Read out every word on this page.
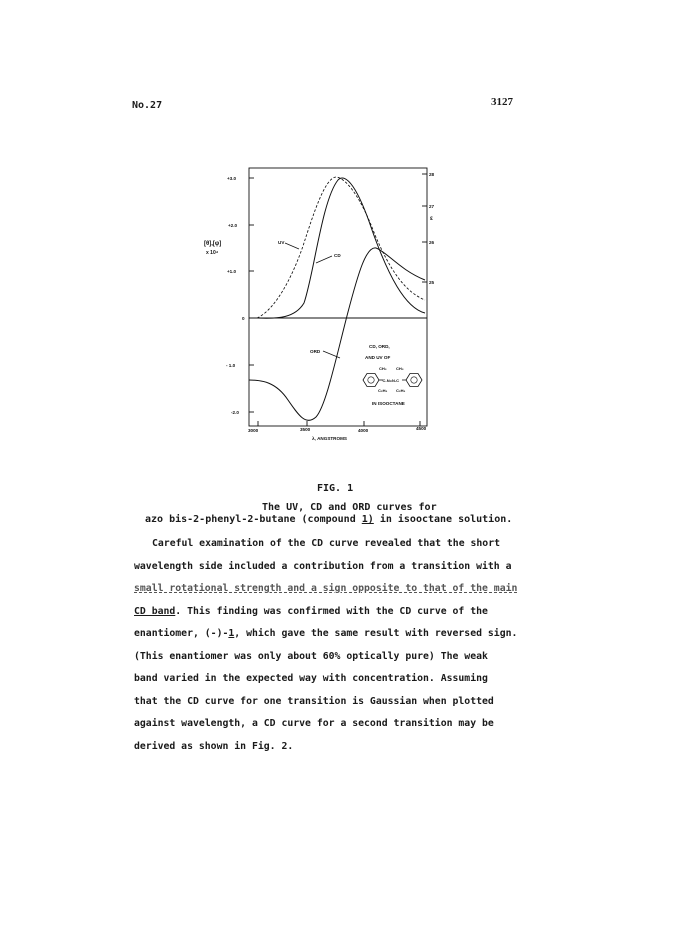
No.27	3127
+3.0
+2.0
+1.0
0
- 1.0
-2.0
[θ],[φ]
x 10⁴
28
27
ε
26
25
3000	3500	4000	4500
λ, ANGSTROMS
UV
CD
ORD
CD, ORD,
AND UV OF
IN ISOOCTANE
CH₃ CH₃
C-N=N-C
C₂H₅ C₂H₅
FIG. 1
The UV, CD and ORD curves for
azo bis-2-phenyl-2-butane (compound 1) in isooctane solution.
Careful examination of the CD curve revealed that the short
wavelength side included a contribution from a transition with a
small rotational strength and a sign opposite to that of the main
CD band. This finding was confirmed with the CD curve of the
enantiomer, (-)-1, which gave the same result with reversed sign.
(This enantiomer was only about 60% optically pure) The weak
band varied in the expected way with concentration. Assuming
that the CD curve for one transition is Gaussian when plotted
against wavelength, a CD curve for a second transition may be
derived as shown in Fig. 2.
